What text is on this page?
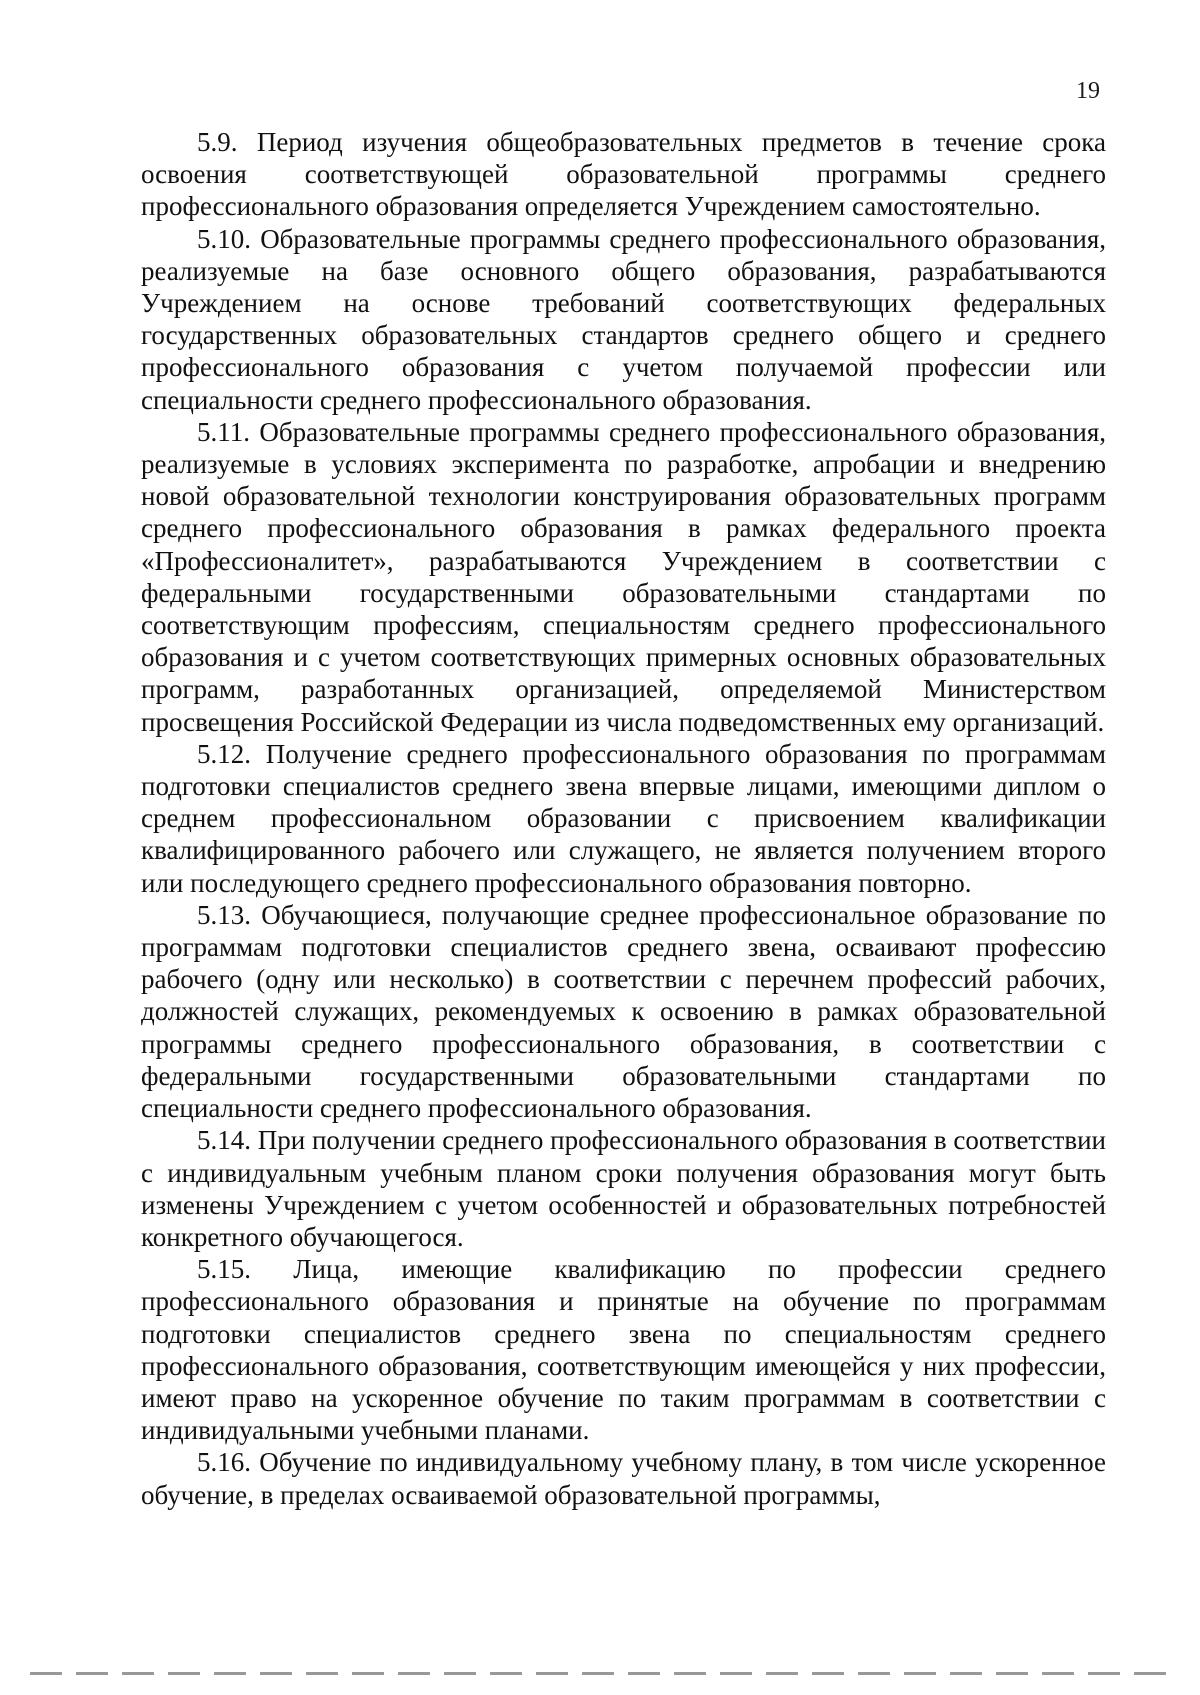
19

5.9. Период изучения общеобразовательных предметов в течение срока освоения соответствующей образовательной программы среднего профессионального образования определяется Учреждением самостоятельно.

5.10. Образовательные программы среднего профессионального образования, реализуемые на базе основного общего образования, разрабатываются Учреждением на основе требований соответствующих федеральных государственных образовательных стандартов среднего общего и среднего профессионального образования с учетом получаемой профессии или специальности среднего профессионального образования.

5.11. Образовательные программы среднего профессионального образования, реализуемые в условиях эксперимента по разработке, апробации и внедрению новой образовательной технологии конструирования образовательных программ среднего профессионального образования в рамках федерального проекта «Профессионалитет», разрабатываются Учреждением в соответствии с федеральными государственными образовательными стандартами по соответствующим профессиям, специальностям среднего профессионального образования и с учетом соответствующих примерных основных образовательных программ, разработанных организацией, определяемой Министерством просвещения Российской Федерации из числа подведомственных ему организаций.

5.12. Получение среднего профессионального образования по программам подготовки специалистов среднего звена впервые лицами, имеющими диплом о среднем профессиональном образовании с присвоением квалификации квалифицированного рабочего или служащего, не является получением второго или последующего среднего профессионального образования повторно.

5.13. Обучающиеся, получающие среднее профессиональное образование по программам подготовки специалистов среднего звена, осваивают профессию рабочего (одну или несколько) в соответствии с перечнем профессий рабочих, должностей служащих, рекомендуемых к освоению в рамках образовательной программы среднего профессионального образования, в соответствии с федеральными государственными образовательными стандартами по специальности среднего профессионального образования.

5.14. При получении среднего профессионального образования в соответствии с индивидуальным учебным планом сроки получения образования могут быть изменены Учреждением с учетом особенностей и образовательных потребностей конкретного обучающегося.

5.15. Лица, имеющие квалификацию по профессии среднего профессионального образования и принятые на обучение по программам подготовки специалистов среднего звена по специальностям среднего профессионального образования, соответствующим имеющейся у них профессии, имеют право на ускоренное обучение по таким программам в соответствии с индивидуальными учебными планами.

5.16. Обучение по индивидуальному учебному плану, в том числе ускоренное обучение, в пределах осваиваемой образовательной программы,
